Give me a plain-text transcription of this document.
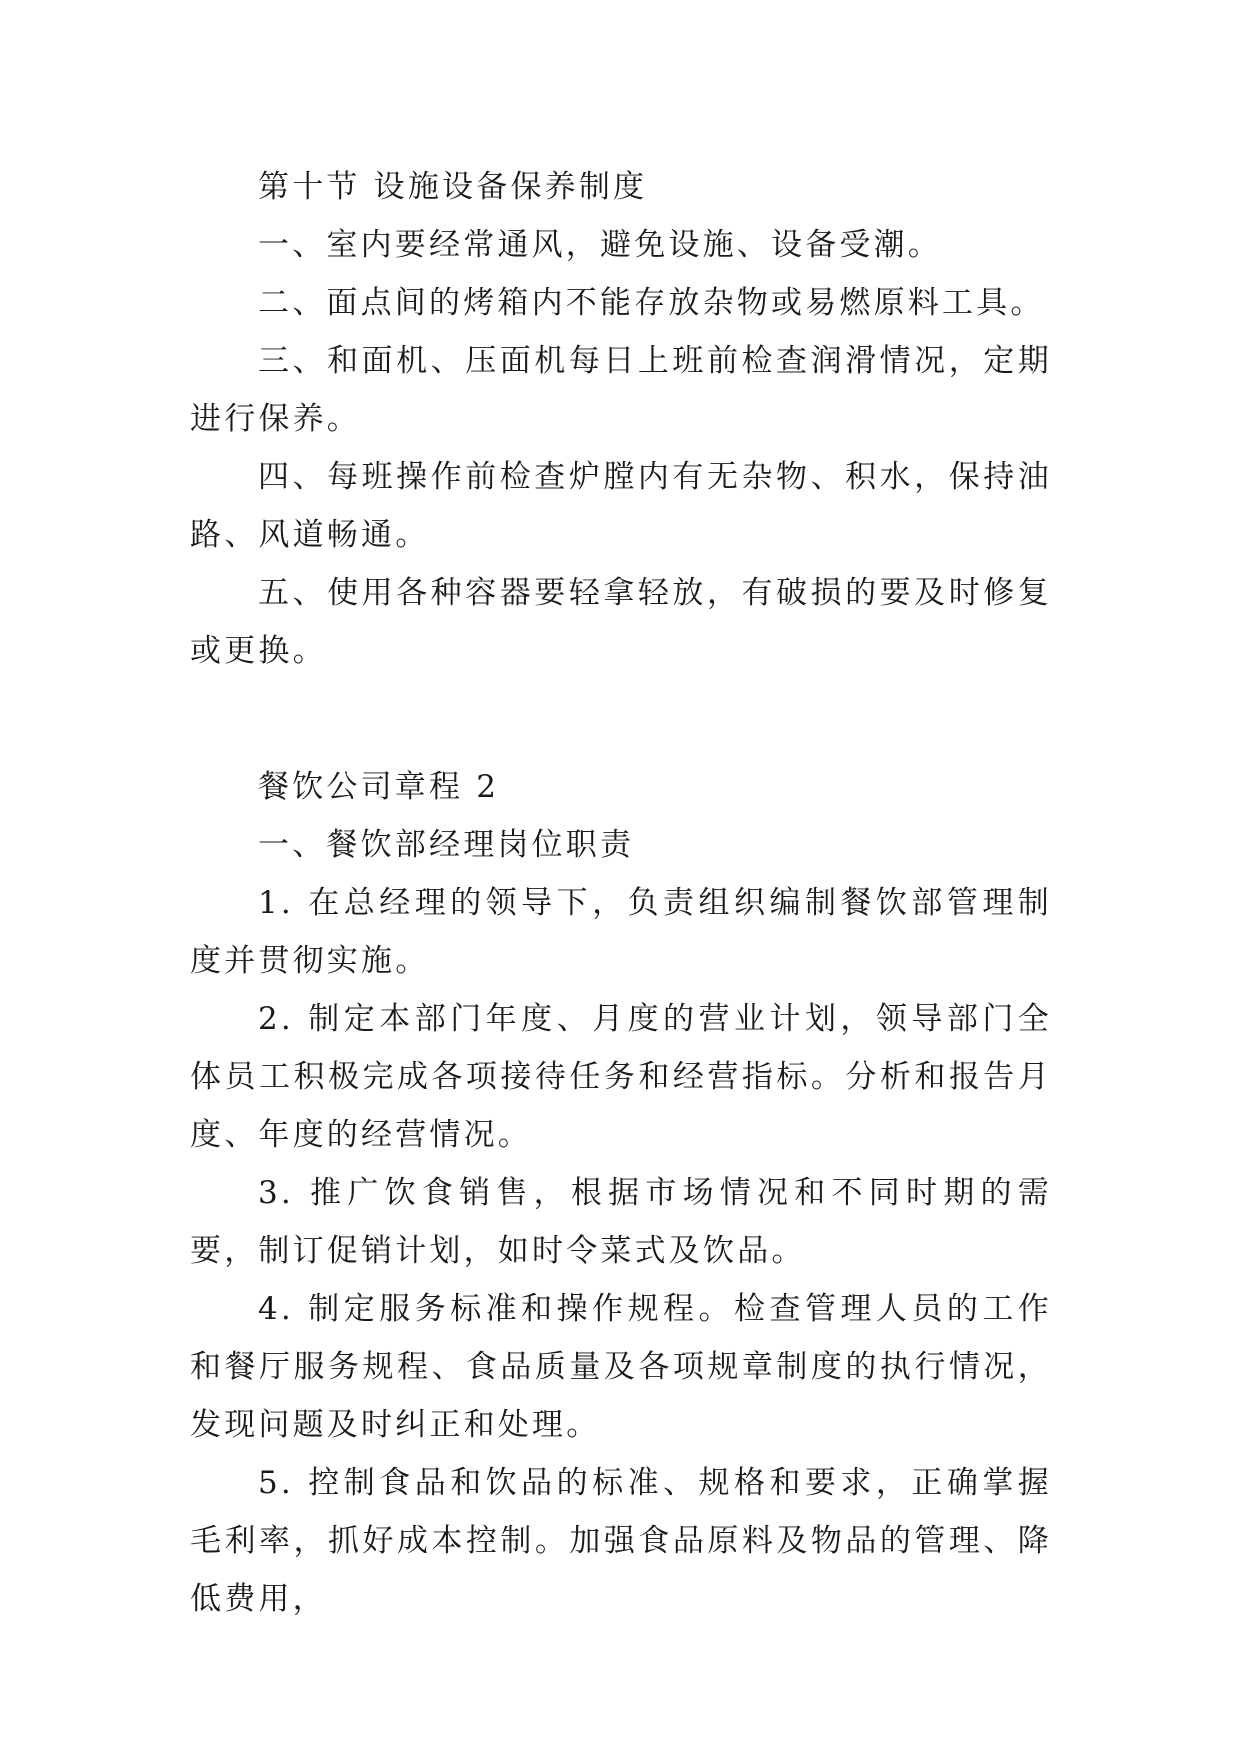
第十节 设施设备保养制度

一、室内要经常通风，避免设施、设备受潮。

二、面点间的烤箱内不能存放杂物或易燃原料工具。

三、和面机、压面机每日上班前检查润滑情况，定期进行保养。

四、每班操作前检查炉膛内有无杂物、积水，保持油路、风道畅通。

五、使用各种容器要轻拿轻放，有破损的要及时修复或更换。

餐饮公司章程 2

一、餐饮部经理岗位职责

1. 在总经理的领导下，负责组织编制餐饮部管理制度并贯彻实施。

2. 制定本部门年度、月度的营业计划，领导部门全体员工积极完成各项接待任务和经营指标。分析和报告月度、年度的经营情况。

3. 推广饮食销售，根据市场情况和不同时期的需要，制订促销计划，如时令菜式及饮品。

4. 制定服务标准和操作规程。检查管理人员的工作和餐厅服务规程、食品质量及各项规章制度的执行情况，发现问题及时纠正和处理。

5. 控制食品和饮品的标准、规格和要求，正确掌握毛利率，抓好成本控制。加强食品原料及物品的管理、降低费用，
